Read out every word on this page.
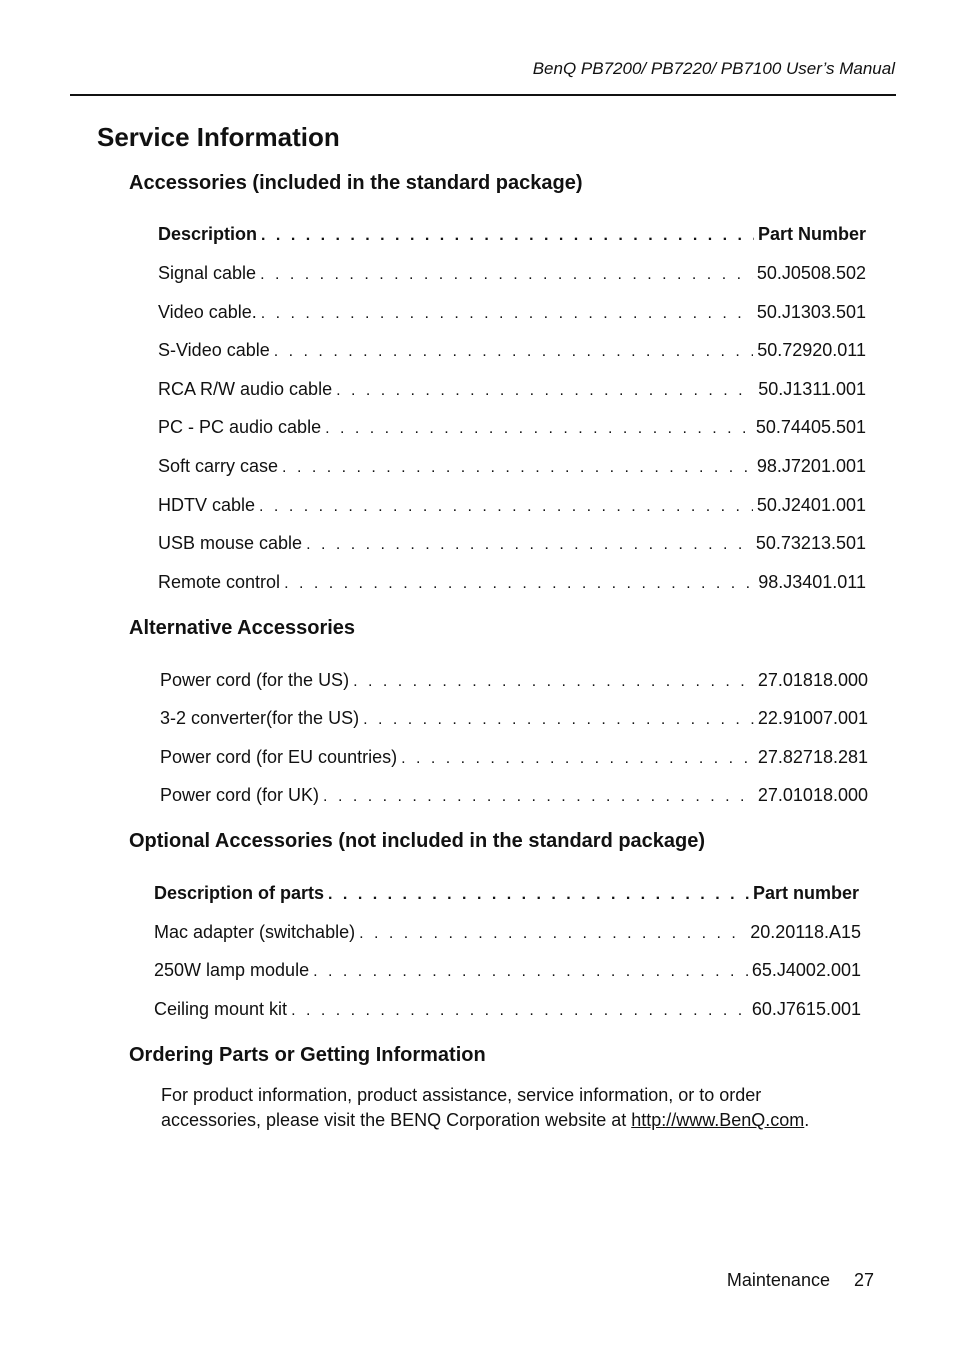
BenQ PB7200/ PB7220/ PB7100 User’s Manual
Service Information
Accessories (included in the standard package)
Description . . .	Part Number
Signal cable . . .	50.J0508.502
Video cable. . . .	50.J1303.501
S-Video cable . . .	50.72920.011
RCA R/W audio cable . . .	50.J1311.001
PC - PC audio cable . . .	50.74405.501
Soft carry case . . .	98.J7201.001
HDTV cable . . .	50.J2401.001
USB mouse cable . . .	50.73213.501
Remote control . . .	98.J3401.011
Alternative Accessories
Power cord (for the US) . . .	27.01818.000
3-2 converter(for the US) . . .	22.91007.001
Power cord (for EU countries) . . .	27.82718.281
Power cord (for UK) . . .	27.01018.000
Optional Accessories (not included in the standard package)
Description of parts . . .	Part number
Mac adapter (switchable) . . .	20.20118.A15
250W lamp module . . .	65.J4002.001
Ceiling mount kit . . .	60.J7615.001
Ordering Parts or Getting Information
For product information, product assistance, service information, or to order
accessories, please visit the BENQ Corporation website at http://www.BenQ.com.
Maintenance 27
